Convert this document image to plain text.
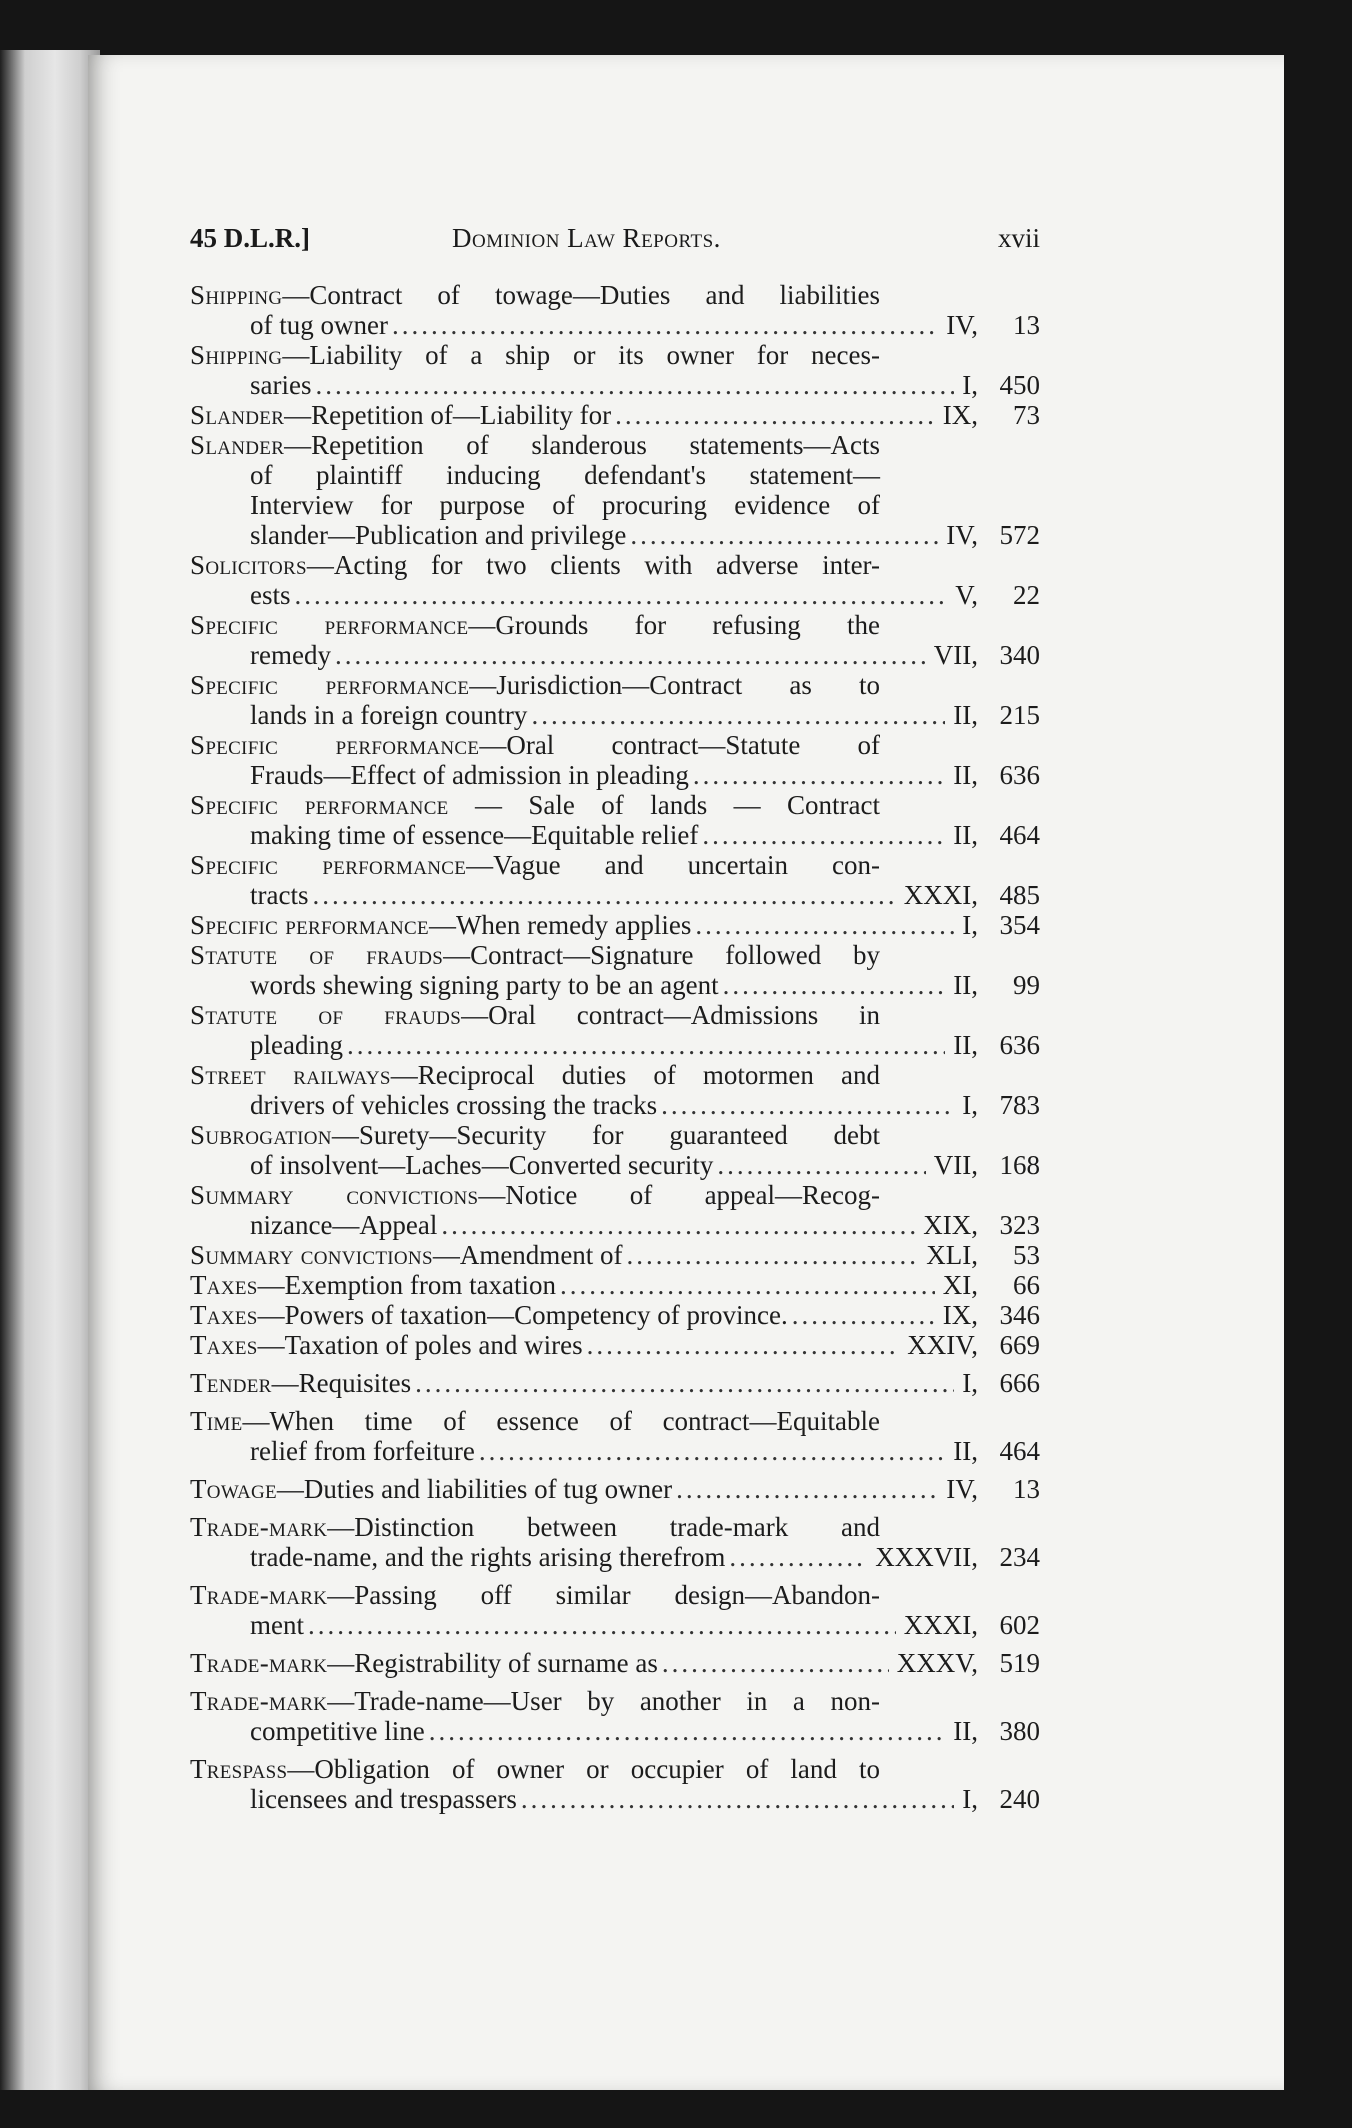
45 D.L.R.]	Dominion Law Reports.	xvii
Shipping—Contract of towage—Duties and liabilities
of tug owner .....	IV, 13
Shipping—Liability of a ship or its owner for neces-
saries .....	I, 450
Slander—Repetition of—Liability for .....	IX, 73
Slander—Repetition of slanderous statements—Acts
of plaintiff inducing defendant's statement—
Interview for purpose of procuring evidence of
slander—Publication and privilege .....	IV, 572
Solicitors—Acting for two clients with adverse inter-
ests .....	V, 22
Specific performance—Grounds for refusing the
remedy .....	VII, 340
Specific performance—Jurisdiction—Contract as to
lands in a foreign country .....	II, 215
Specific performance—Oral contract—Statute of
Frauds—Effect of admission in pleading .....	II, 636
Specific performance — Sale of lands — Contract
making time of essence—Equitable relief .....	II, 464
Specific performance—Vague and uncertain con-
tracts .....	XXXI, 485
Specific performance—When remedy applies .....	I, 354
Statute of frauds—Contract—Signature followed by
words shewing signing party to be an agent .....	II, 99
Statute of frauds—Oral contract—Admissions in
pleading .....	II, 636
Street railways—Reciprocal duties of motormen and
drivers of vehicles crossing the tracks .....	I, 783
Subrogation—Surety—Security for guaranteed debt
of insolvent—Laches—Converted security .....	VII, 168
Summary convictions—Notice of appeal—Recog-
nizance—Appeal .....	XIX, 323
Summary convictions—Amendment of .....	XLI, 53
Taxes—Exemption from taxation .....	XI, 66
Taxes—Powers of taxation—Competency of province. .....	IX, 346
Taxes—Taxation of poles and wires .....	XXIV, 669
Tender—Requisites .....	I, 666
Time—When time of essence of contract—Equitable
relief from forfeiture .....	II, 464
Towage—Duties and liabilities of tug owner .....	IV, 13
Trade-mark—Distinction between trade-mark and
trade-name, and the rights arising therefrom .....	XXXVII, 234
Trade-mark—Passing off similar design—Abandon-
ment .....	XXXI, 602
Trade-mark—Registrability of surname as .....	XXXV, 519
Trade-mark—Trade-name—User by another in a non-
competitive line .....	II, 380
Trespass—Obligation of owner or occupier of land to
licensees and trespassers .....	I, 240
